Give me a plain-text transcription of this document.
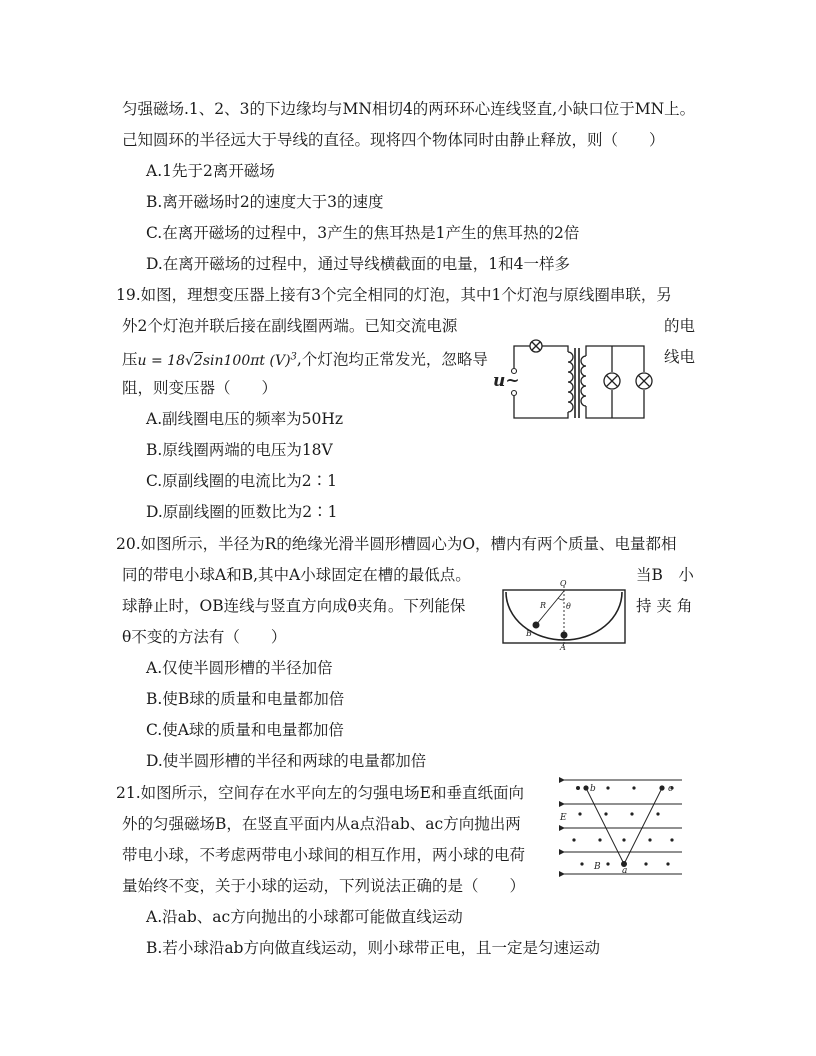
匀强磁场.1、2、3的下边缘均与MN相切4的两环环心连线竖直,小缺口位于MN上。
己知圆环的半径远大于导线的直径。现将四个物体同时由静止释放，则（　　）
A.1先于2离开磁场
B.离开磁场时2的速度大于3的速度
C.在离开磁场的过程中，3产生的焦耳热是1产生的焦耳热的2倍
D.在离开磁场的过程中，通过导线横截面的电量，1和4一样多
19.如图，理想变压器上接有3个完全相同的灯泡，其中1个灯泡与原线圈串联，另
外2个灯泡并联后接在副线圈两端。已知交流电源	的电
压u = 18√2sin100πt $(V)^3$,个灯泡均正常发光，忽略导	线电
阻，则变压器（　　）	u~
A.副线圈电压的频率为50Hz
B.原线圈两端的电压为18V
C.原副线圈的电流比为2∶1
D.原副线圈的匝数比为2∶1
20.如图所示，半径为R的绝缘光滑半圆形槽圆心为O，槽内有两个质量、电量都相
同的带电小球A和B,其中A小球固定在槽的最低点。	当B　小
球静止时，OB连线与竖直方向成θ夹角。下列能保	持 夹 角
θ不变的方法有（　　）
O
R θ
B
A
A.仅使半圆形槽的半径加倍
B.使B球的质量和电量都加倍
C.使A球的质量和电量都加倍
D.使半圆形槽的半径和两球的电量都加倍
21.如图所示，空间存在水平向左的匀强电场E和垂直纸面向
外的匀强磁场B，在竖直平面内从a点沿ab、ac方向抛出两
带电小球，不考虑两带电小球间的相互作用，两小球的电荷
量始终不变，关于小球的运动，下列说法正确的是（　　）
b	c
a
E
B
A.沿ab、ac方向抛出的小球都可能做直线运动
B.若小球沿ab方向做直线运动，则小球带正电，且一定是匀速运动
